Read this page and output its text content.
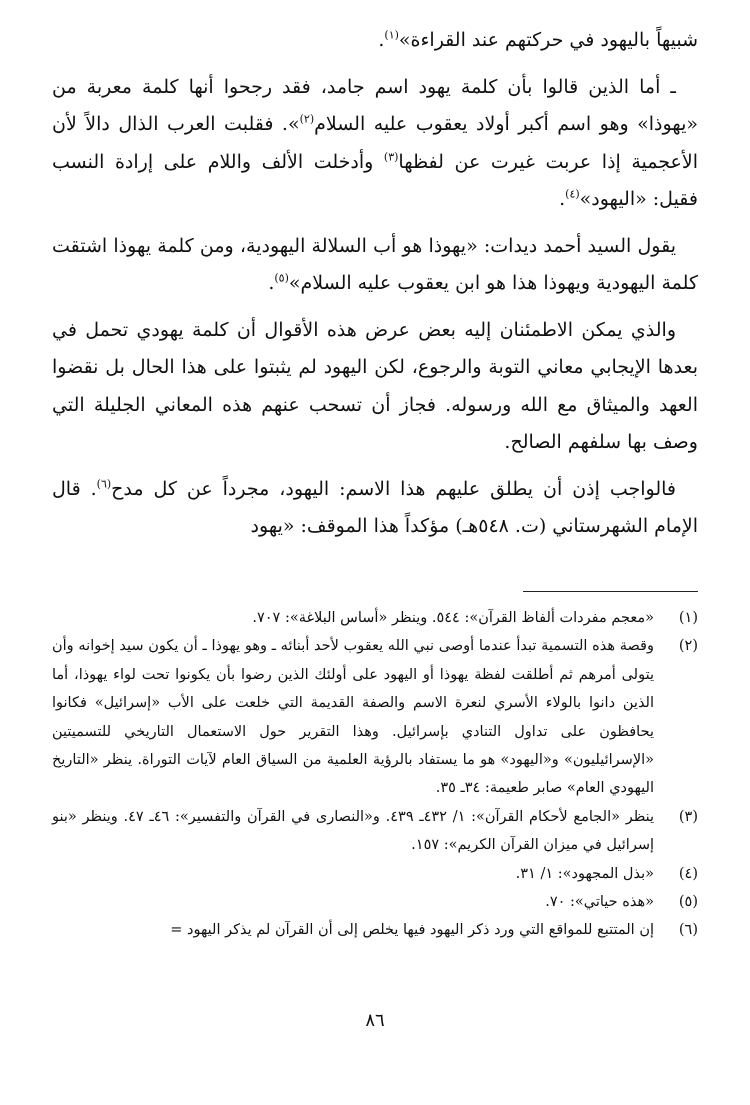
شبيهاً باليهود في حركتهم عند القراءة»$^{(١)}$.

ـ أما الذين قالوا بأن كلمة يهود اسم جامد، فقد رجحوا أنها كلمة معربة من «يهوذا» وهو اسم أكبر أولاد يعقوب عليه السلام$^{(٢)}$». فقلبت العرب الذال دالاً لأن الأعجمية إذا عربت غيرت عن لفظها$^{(٣)}$ وأدخلت الألف واللام على إرادة النسب فقيل: «اليهود»$^{(٤)}$.

يقول السيد أحمد ديدات: «يهوذا هو أب السلالة اليهودية، ومن كلمة يهوذا اشتقت كلمة اليهودية ويهوذا هذا هو ابن يعقوب عليه السلام»$^{(٥)}$.

والذي يمكن الاطمئنان إليه بعض عرض هذه الأقوال أن كلمة يهودي تحمل في بعدها الإيجابي معاني التوبة والرجوع، لكن اليهود لم يثبتوا على هذا الحال بل نقضوا العهد والميثاق مع الله ورسوله. فجاز أن تسحب عنهم هذه المعاني الجليلة التي وصف بها سلفهم الصالح.

فالواجب إذن أن يطلق عليهم هذا الاسم: اليهود، مجرداً عن كل مدح$^{(٦)}$. قال الإمام الشهرستاني (ت. ٥٤٨هـ) مؤكداً هذا الموقف: «يهود

(١)
«معجم مفردات ألفاظ القرآن»: ٥٤٤. وينظر «أساس البلاغة»: ٧٠٧.
(٢)
وقصة هذه التسمية تبدأ عندما أوصى نبي الله يعقوب لأحد أبنائه ـ وهو يهوذا ـ أن يكون سيد إخوانه وأن يتولى أمرهم ثم أطلقت لفظة يهوذا أو اليهود على أولئك الذين رضوا بأن يكونوا تحت لواء يهوذا، أما الذين دانوا بالولاء الأسري لنعرة الاسم والصفة القديمة التي خلعت على الأب «إسرائيل» فكانوا يحافظون على تداول التنادي بإسرائيل. وهذا التقرير حول الاستعمال التاريخي للتسميتين «الإسرائيليون» و«اليهود» هو ما يستفاد بالرؤية العلمية من السياق العام لآيات التوراة. ينظر «التاريخ اليهودي العام» صابر طعيمة: ٣٤ـ ٣٥.
(٣)
ينظر «الجامع لأحكام القرآن»: ١/ ٤٣٢ـ ٤٣٩. و«النصارى في القرآن والتفسير»: ٤٦ـ ٤٧. وينظر «بنو إسرائيل في ميزان القرآن الكريم»: ١٥٧.
(٤)
«بذل المجهود»: ١/ ٣١.
(٥)
«هذه حياتي»: ٧٠.
(٦)
إن المتتبع للمواقع التي ورد ذكر اليهود فيها يخلص إلى أن القرآن لم يذكر اليهود =
٨٦
